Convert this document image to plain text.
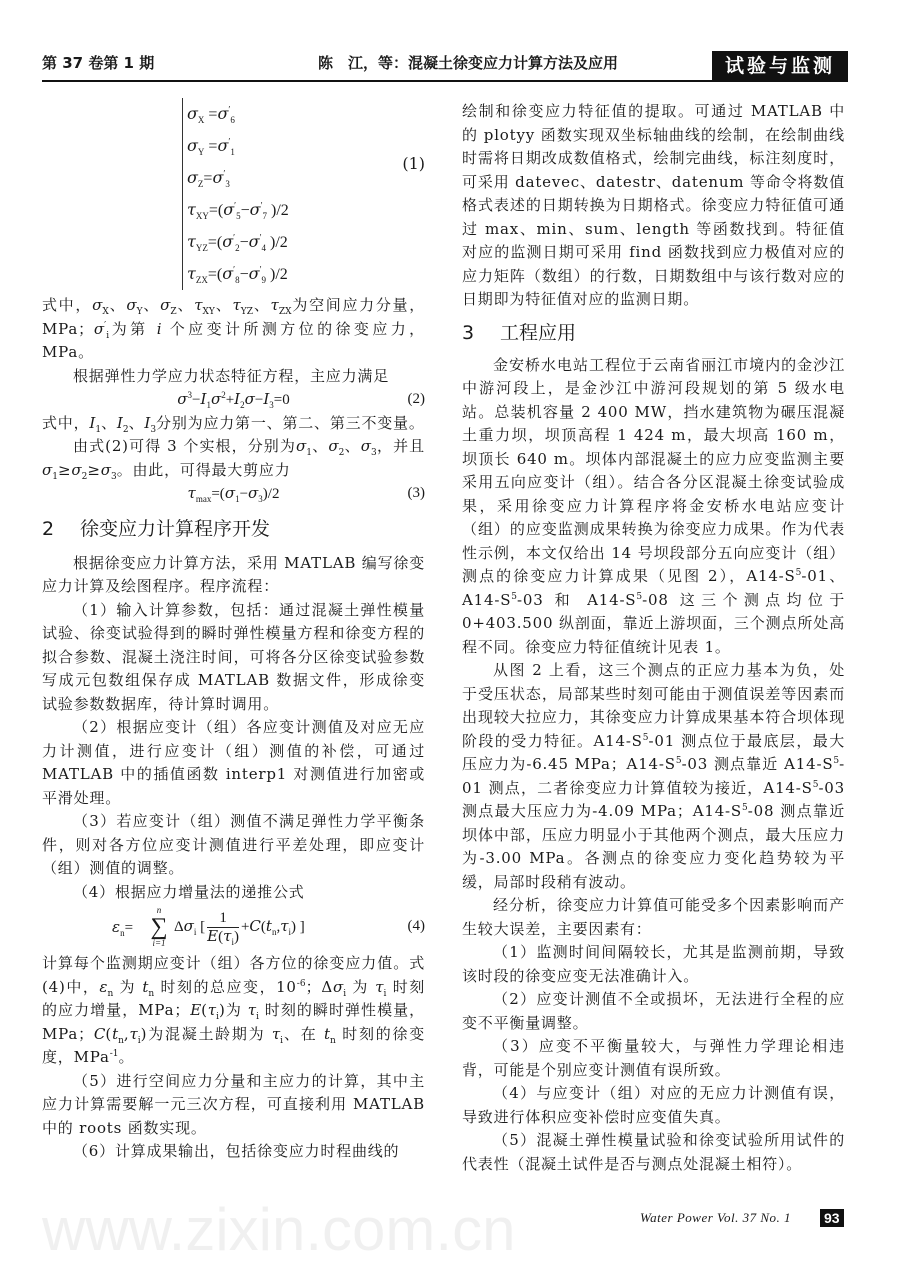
www.zixin.com.cn
第 37 卷第 1 期	陈　江，等：混凝土徐变应力计算方法及应用	试验与监测
$\sigma_X =\sigma'_6$
$\sigma_Y =\sigma'_1$
$\sigma_Z=\sigma'_3$
$\tau_{XY}=(\sigma'_5-\sigma'_7$ )/2
$\tau_{YZ}=(\sigma'_2-\sigma'_4$ )/2
$\tau_{ZX}=(\sigma'_8-\sigma'_9$ )/2
(1)

式中，$\sigma_X$、$\sigma_Y$、$\sigma_Z$、$\tau_{XY}$、$\tau_{YZ}$、$\tau_{ZX}$为空间应力分量，MPa；$\sigma'_i$为第 i 个应变计所测方位的徐变应力，MPa。

根据弹性力学应力状态特征方程，主应力满足

$\sigma^3-I_1\sigma^2+I_2\sigma-I_3=0$	(2)

式中，$I_1$、$I_2$、$I_3$分别为应力第一、第二、第三不变量。

由式(2)可得 3 个实根，分别为$\sigma_1$、$\sigma_2$、$\sigma_3$，并且$\sigma_1\ge\sigma_2\ge\sigma_3$。由此，可得最大剪应力

$\tau_{max}=(\sigma_1-\sigma_3)/2$	(3)
2 徐变应力计算程序开发

根据徐变应力计算方法，采用 MATLAB 编写徐变应力计算及绘图程序。程序流程：

（1）输入计算参数，包括：通过混凝土弹性模量试验、徐变试验得到的瞬时弹性模量方程和徐变方程的拟合参数、混凝土浇注时间，可将各分区徐变试验参数写成元包数组保存成 MATLAB 数据文件，形成徐变试验参数数据库，待计算时调用。

（2）根据应变计（组）各应变计测值及对应无应力计测值，进行应变计（组）测值的补偿，可通过 MATLAB 中的插值函数 interp1 对测值进行加密或平滑处理。

（3）若应变计（组）测值不满足弹性力学平衡条件，则对各方位应变计测值进行平差处理，即应变计（组）测值的调整。

（4）根据应力增量法的递推公式

$\varepsilon_n=$
n
∑
i=1
$\Delta\sigma_i$ [ $\frac{1}{E(\tau_i)} +C(t_n,\tau_i)$ ]	(4)

计算每个监测期应变计（组）各方位的徐变应力值。式(4)中，$\varepsilon_n$ 为 $t_n$ 时刻的总应变，$10^{-6}$；$\Delta\sigma_i$ 为 $\tau_i$ 时刻的应力增量，MPa；$E(\tau_i)$为 $\tau_i$ 时刻的瞬时弹性模量，MPa；$C(t_n,\tau_i)$为混凝土龄期为 $\tau_i$、在 $t_n$ 时刻的徐变度，MPa$^{-1}$。

（5）进行空间应力分量和主应力的计算，其中主应力计算需要解一元三次方程，可直接利用 MATLAB 中的 roots 函数实现。

（6）计算成果输出，包括徐变应力时程曲线的

绘制和徐变应力特征值的提取。可通过 MATLAB 中的 plotyy 函数实现双坐标轴曲线的绘制，在绘制曲线时需将日期改成数值格式，绘制完曲线，标注刻度时，可采用 datevec、datestr、datenum 等命令将数值格式表述的日期转换为日期格式。徐变应力特征值可通过 max、min、sum、length 等函数找到。特征值对应的监测日期可采用 find 函数找到应力极值对应的应力矩阵（数组）的行数，日期数组中与该行数对应的日期即为特征值对应的监测日期。

3 工程应用

金安桥水电站工程位于云南省丽江市境内的金沙江中游河段上，是金沙江中游河段规划的第 5 级水电站。总装机容量 2 400 MW，挡水建筑物为碾压混凝土重力坝，坝顶高程 1 424 m，最大坝高 160 m，坝顶长 640 m。坝体内部混凝土的应力应变监测主要采用五向应变计（组）。结合各分区混凝土徐变试验成果，采用徐变应力计算程序将金安桥水电站应变计（组）的应变监测成果转换为徐变应力成果。作为代表性示例，本文仅给出 14 号坝段部分五向应变计（组）测点的徐变应力计算成果（见图 2），$A14-S^5-01$、$A14-S^5-03$ 和 $A14-S^5-08$ 这三个测点均位于 0+403.500 纵剖面，靠近上游坝面，三个测点所处高程不同。徐变应力特征值统计见表 1。

从图 2 上看，这三个测点的正应力基本为负，处于受压状态，局部某些时刻可能由于测值误差等因素而出现较大拉应力，其徐变应力计算成果基本符合坝体现阶段的受力特征。$A14-S^5-01$ 测点位于最底层，最大压应力为-6.45 MPa；$A14-S^5-03$ 测点靠近 $A14-S^5-01$ 测点，二者徐变应力计算值较为接近，$A14-S^5-03$ 测点最大压应力为-4.09 MPa；$A14-S^5-08$ 测点靠近坝体中部，压应力明显小于其他两个测点，最大压应力为-3.00 MPa。各测点的徐变应力变化趋势较为平缓，局部时段稍有波动。

经分析，徐变应力计算值可能受多个因素影响而产生较大误差，主要因素有：

（1）监测时间间隔较长，尤其是监测前期，导致该时段的徐变应变无法准确计入。

（2）应变计测值不全或损坏，无法进行全程的应变不平衡量调整。

（3）应变不平衡量较大，与弹性力学理论相违背，可能是个别应变计测值有误所致。

（4）与应变计（组）对应的无应力计测值有误，导致进行体积应变补偿时应变值失真。

（5）混凝土弹性模量试验和徐变试验所用试件的代表性（混凝土试件是否与测点处混凝土相符）。

Water Power Vol. 37 No. 1 93
